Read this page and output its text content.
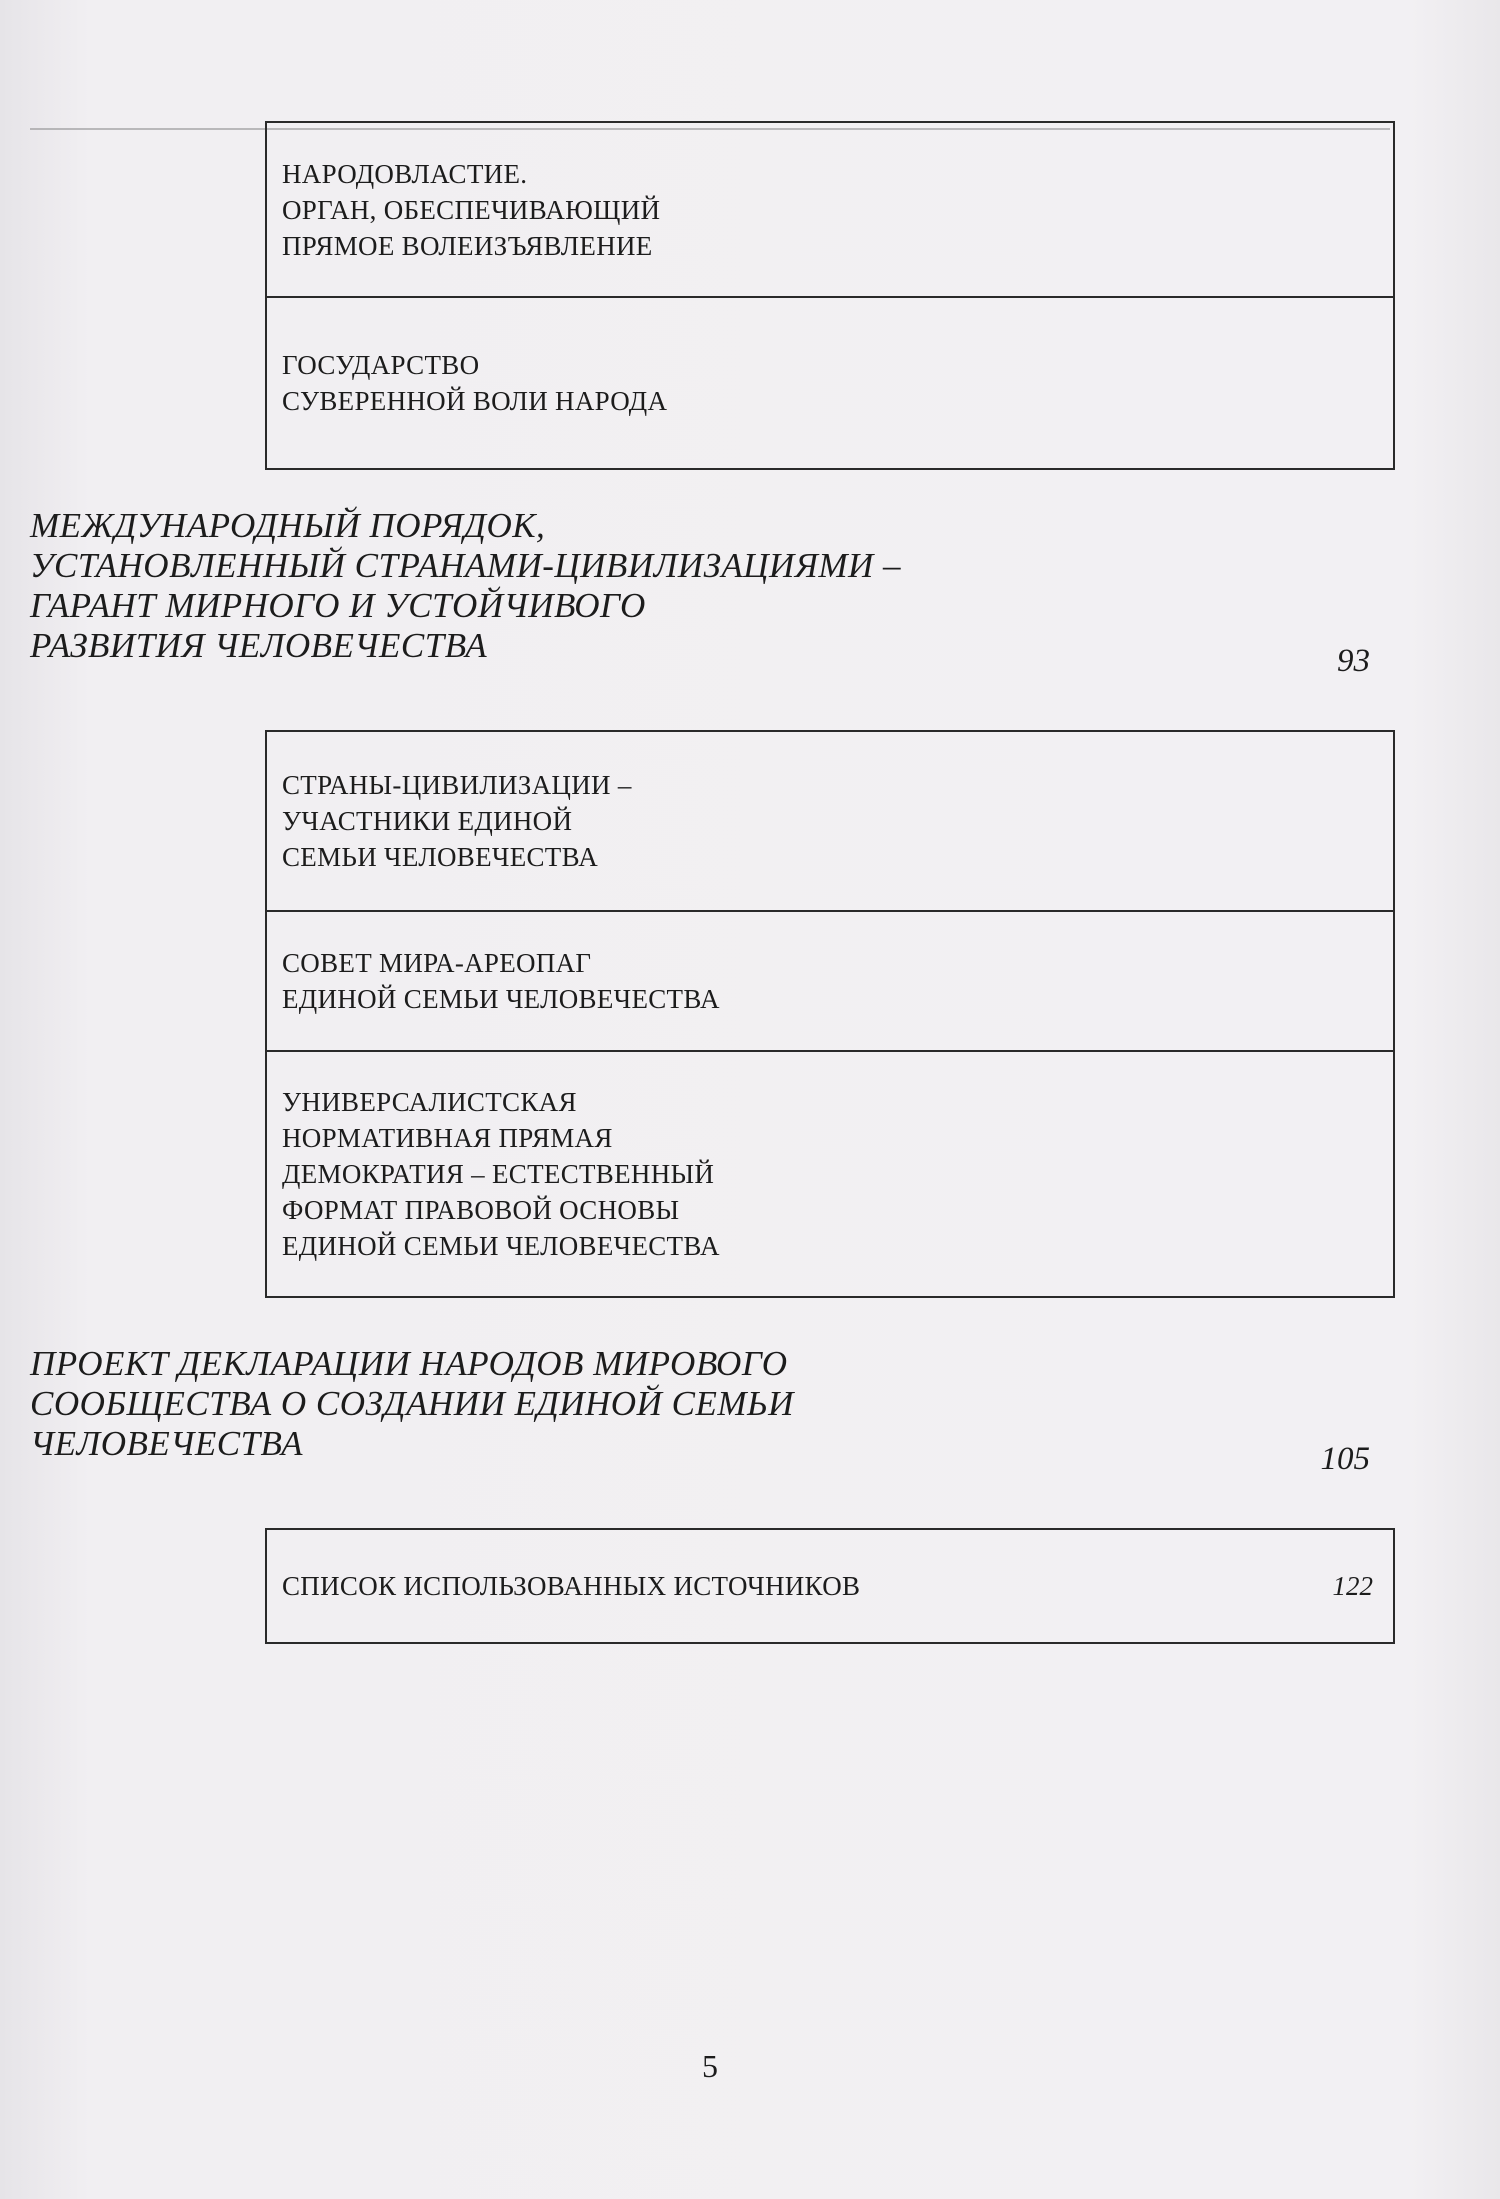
НАРОДОВЛАСТИЕ.
ОРГАН, ОБЕСПЕЧИВАЮЩИЙ
ПРЯМОЕ ВОЛЕИЗЪЯВЛЕНИЕ
ГОСУДАРСТВО
СУВЕРЕННОЙ ВОЛИ НАРОДА
МЕЖДУНАРОДНЫЙ ПОРЯДОК,
УСТАНОВЛЕННЫЙ СТРАНАМИ-ЦИВИЛИЗАЦИЯМИ –
ГАРАНТ МИРНОГО И УСТОЙЧИВОГО
РАЗВИТИЯ ЧЕЛОВЕЧЕСТВА	93
СТРАНЫ-ЦИВИЛИЗАЦИИ –
УЧАСТНИКИ ЕДИНОЙ
СЕМЬИ ЧЕЛОВЕЧЕСТВА
СОВЕТ МИРА-АРЕОПАГ
ЕДИНОЙ СЕМЬИ ЧЕЛОВЕЧЕСТВА
УНИВЕРСАЛИСТСКАЯ
НОРМАТИВНАЯ ПРЯМАЯ
ДЕМОКРАТИЯ – ЕСТЕСТВЕННЫЙ
ФОРМАТ ПРАВОВОЙ ОСНОВЫ
ЕДИНОЙ СЕМЬИ ЧЕЛОВЕЧЕСТВА
ПРОЕКТ ДЕКЛАРАЦИИ НАРОДОВ МИРОВОГО
СООБЩЕСТВА О СОЗДАНИИ ЕДИНОЙ СЕМЬИ
ЧЕЛОВЕЧЕСТВА	105
СПИСОК ИСПОЛЬЗОВАННЫХ ИСТОЧНИКОВ	122
5
